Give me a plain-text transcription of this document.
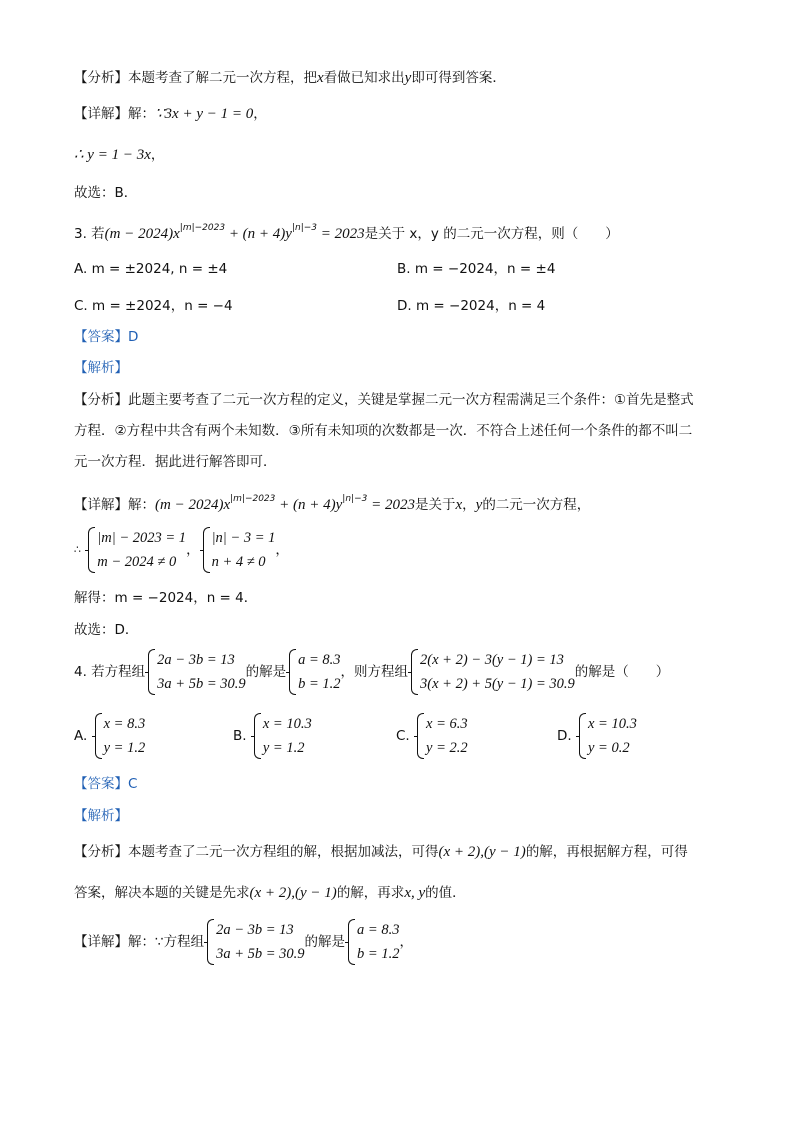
【分析】本题考查了解二元一次方程，把x看做已知求出y即可得到答案．
【详解】解：∵3x + y − 1 = 0，
∴ y = 1 − 3x，
故选：B．
3. 若$(m - 2024)x^{|m|-2023} + (n + 4)y^{|n|-3} = 2023$是关于 x，y 的二元一次方程，则（　　）
A. m = ±2024, n = ±4	B. m = −2024，n = ±4
C. m = ±2024，n = −4	D. m = −2024，n = 4
【答案】D
【解析】
【分析】此题主要考查了二元一次方程的定义，关键是掌握二元一次方程需满足三个条件：①首先是整式
方程．②方程中共含有两个未知数．③所有未知项的次数都是一次．不符合上述任何一个条件的都不叫二
元一次方程．据此进行解答即可．
【详解】解：$(m - 2024)x^{|m|-2023} + (n + 4)y^{|n|-3} = 2023$是关于x，y的二元一次方程，
∴
|m| − 2023 = 1
m − 2024 ≠ 0
，
|n| − 3 = 1
n + 4 ≠ 0
，
解得：m = −2024，n = 4．
故选：D．
4. 若方程组
2a − 3b = 13
3a + 5b = 30.9
的解是
a = 8.3
b = 1.2
，则方程组
2(x + 2) − 3(y − 1) = 13
3(x + 2) + 5(y − 1) = 30.9
的解是（　　）
A.
x = 8.3
y = 1.2
B.
x = 10.3
y = 1.2
C.
x = 6.3
y = 2.2
D.
x = 10.3
y = 0.2
【答案】C
【解析】
【分析】本题考查了二元一次方程组的解，根据加减法，可得(x + 2),(y − 1)的解，再根据解方程，可得
答案，解决本题的关键是先求(x + 2),(y − 1)的解，再求x, y的值．
【详解】解：∵方程组
2a − 3b = 13
3a + 5b = 30.9
的解是
a = 8.3
b = 1.2
，
